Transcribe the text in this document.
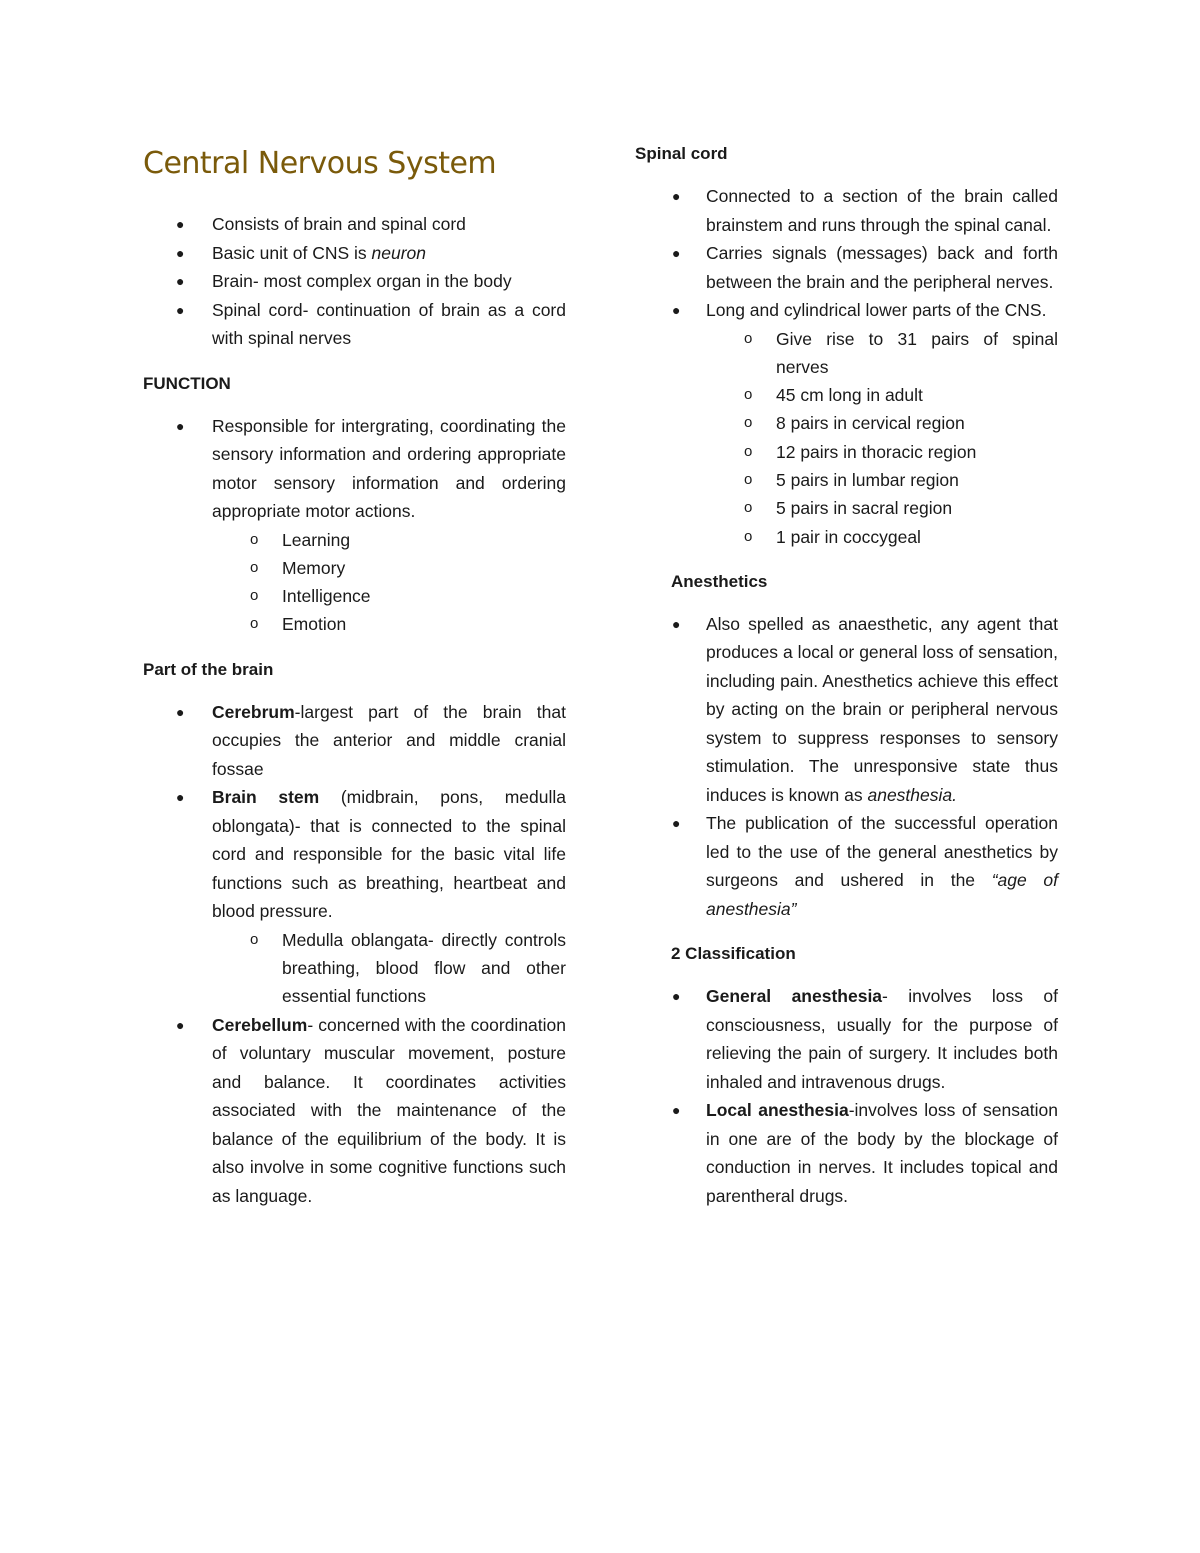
Central Nervous System
● Consists of brain and spinal cord
● Basic unit of CNS is neuron
● Brain- most complex organ in the body
● Spinal cord- continuation of brain as a cord with spinal nerves
FUNCTION
● Responsible for intergrating, coordinating the sensory information and ordering appropriate motor sensory information and ordering appropriate motor actions.
o Learning
o Memory
o Intelligence
o Emotion
Part of the brain
● Cerebrum-largest part of the brain that occupies the anterior and middle cranial fossae
● Brain stem (midbrain, pons, medulla oblongata)- that is connected to the spinal cord and responsible for the basic vital life functions such as breathing, heartbeat and blood pressure.
o Medulla oblangata- directly controls breathing, blood flow and other essential functions
● Cerebellum- concerned with the coordination of voluntary muscular movement, posture and balance. It coordinates activities associated with the maintenance of the balance of the equilibrium of the body. It is also involve in some cognitive functions such as language.
Spinal cord
● Connected to a section of the brain called brainstem and runs through the spinal canal.
● Carries signals (messages) back and forth between the brain and the peripheral nerves.
● Long and cylindrical lower parts of the CNS.
o Give rise to 31 pairs of spinal nerves
o 45 cm long in adult
o 8 pairs in cervical region
o 12 pairs in thoracic region
o 5 pairs in lumbar region
o 5 pairs in sacral region
o 1 pair in coccygeal
Anesthetics
● Also spelled as anaesthetic, any agent that produces a local or general loss of sensation, including pain. Anesthetics achieve this effect by acting on the brain or peripheral nervous system to suppress responses to sensory stimulation. The unresponsive state thus induces is known as anesthesia.
● The publication of the successful operation led to the use of the general anesthetics by surgeons and ushered in the “age of anesthesia”
2 Classification
● General anesthesia- involves loss of consciousness, usually for the purpose of relieving the pain of surgery. It includes both inhaled and intravenous drugs.
● Local anesthesia-involves loss of sensation in one are of the body by the blockage of conduction in nerves. It includes topical and parentheral drugs.
